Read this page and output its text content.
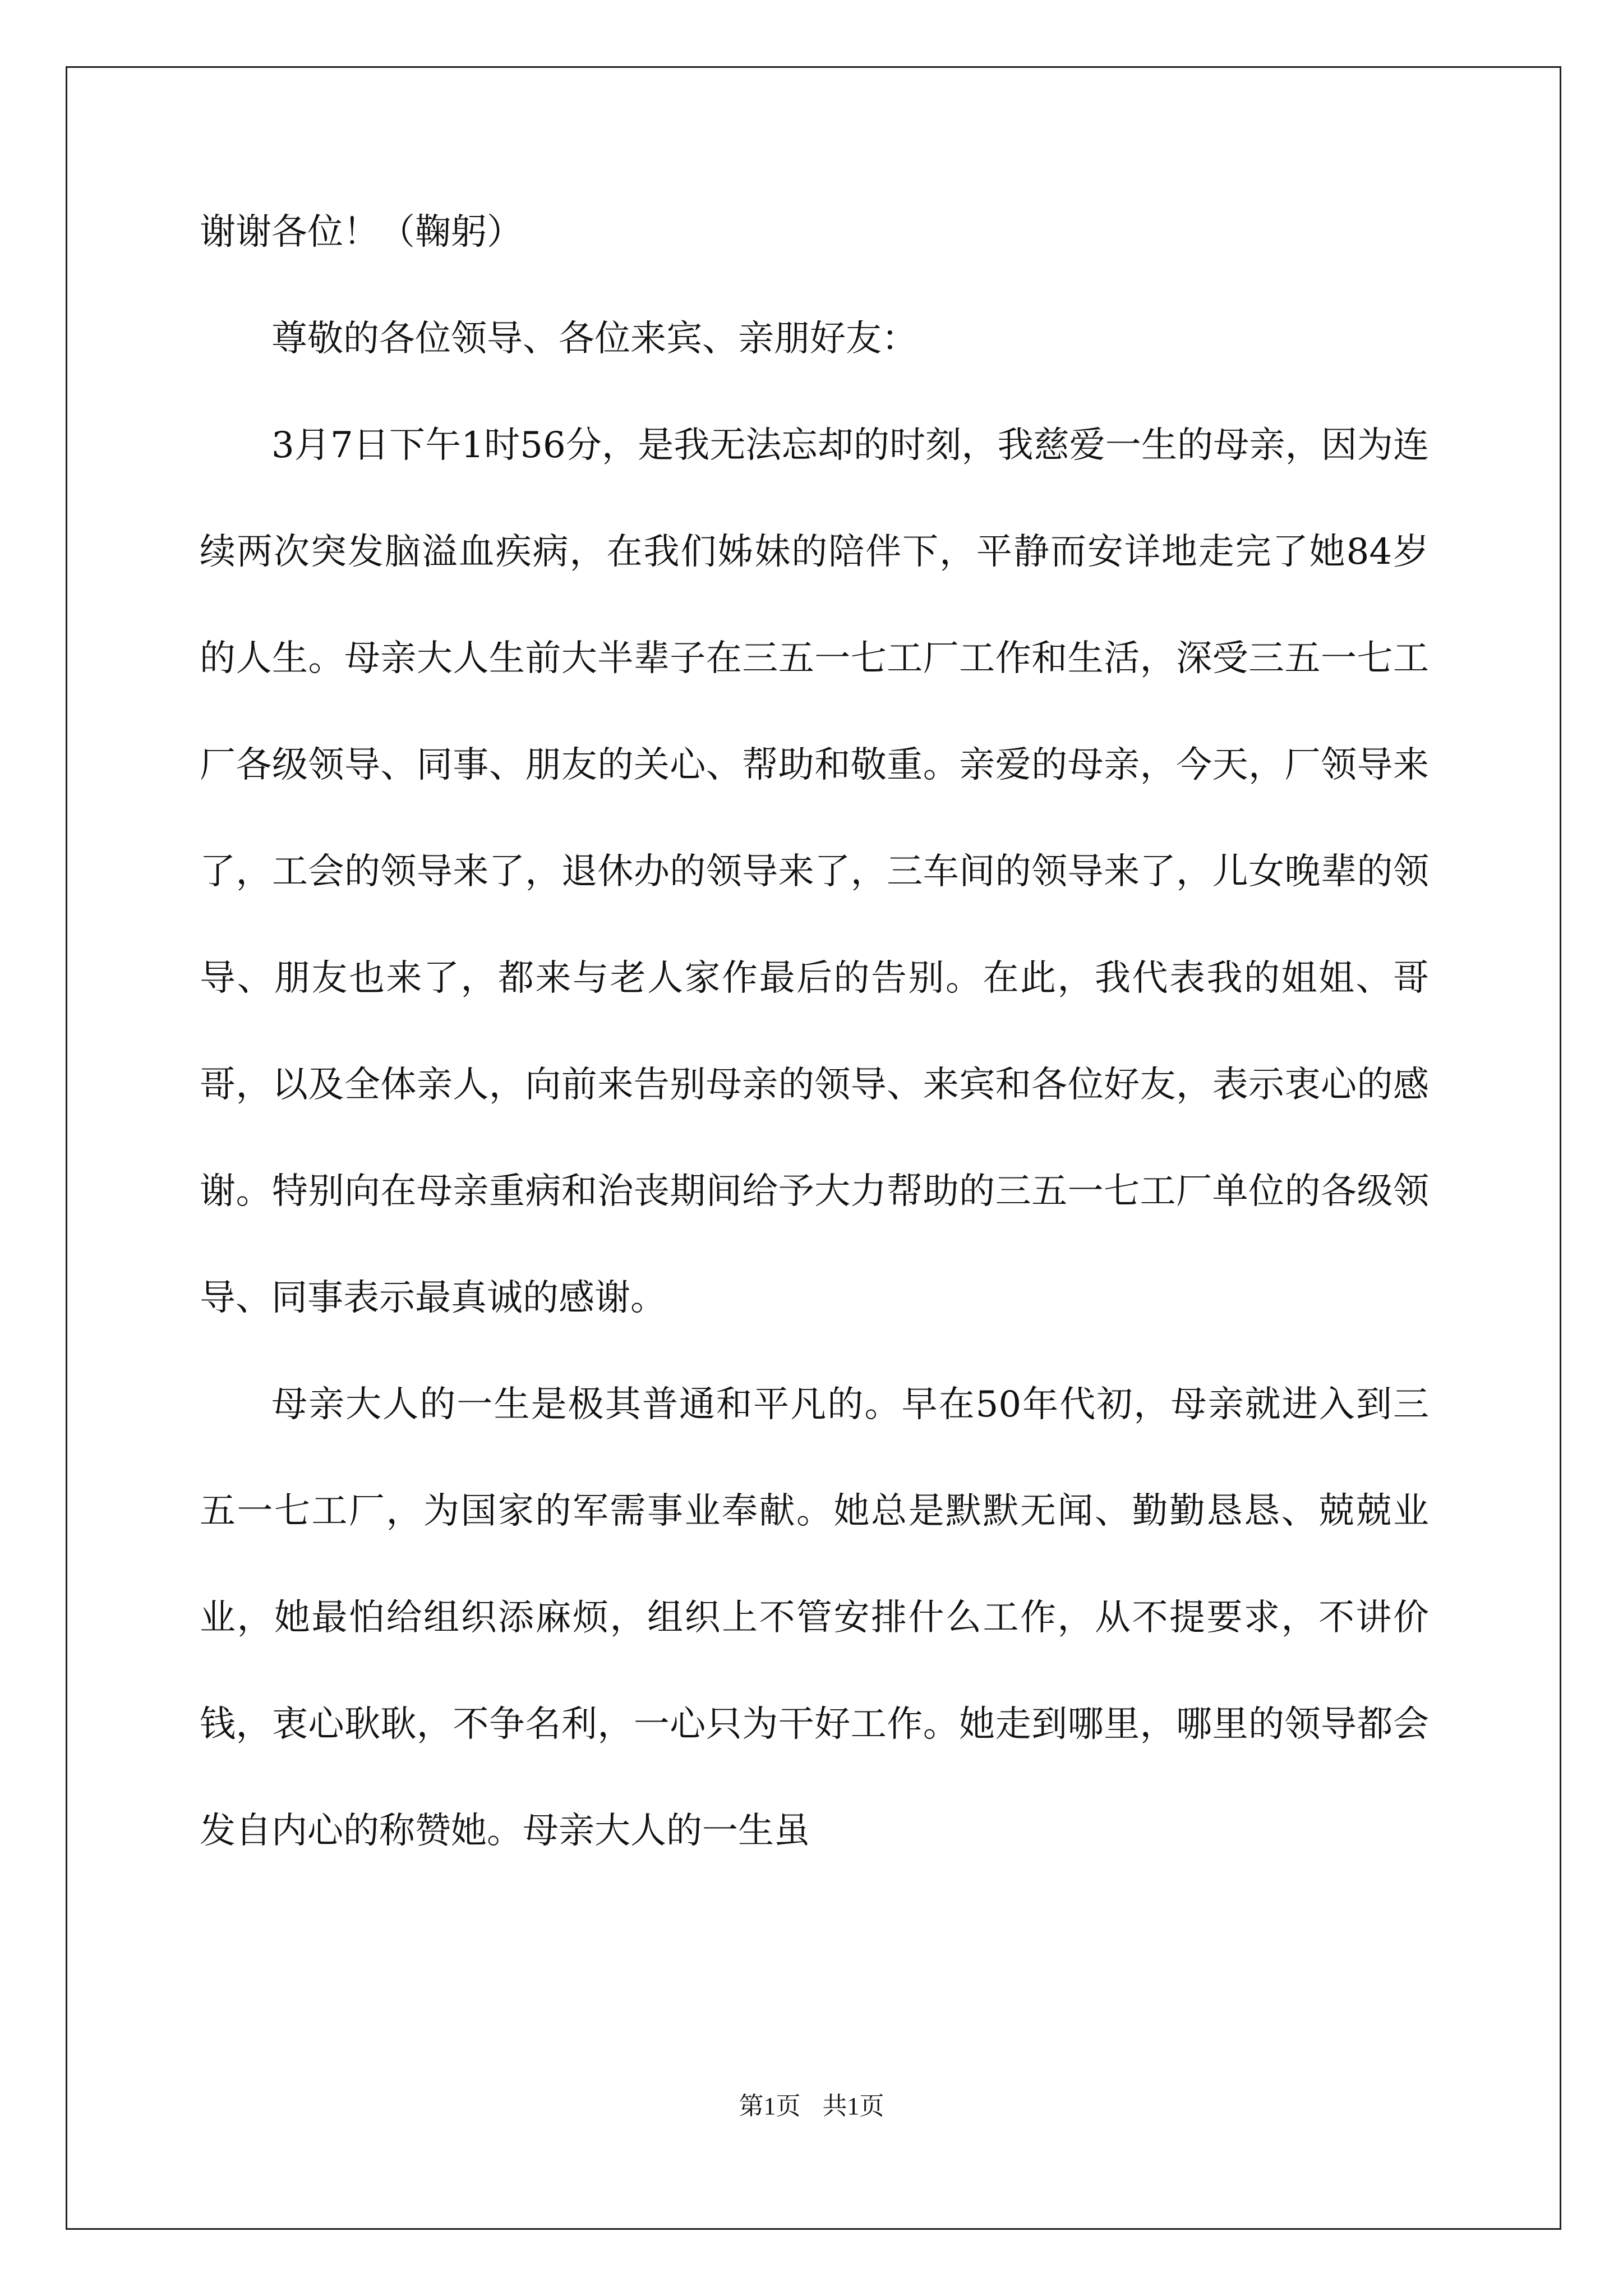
谢谢各位！（鞠躬）

尊敬的各位领导、各位来宾、亲朋好友：

3月7日下午1时56分，是我无法忘却的时刻，我慈爱一生的母亲，因为连续两次突发脑溢血疾病，在我们姊妹的陪伴下，平静而安详地走完了她84岁的人生。母亲大人生前大半辈子在三五一七工厂工作和生活，深受三五一七工厂各级领导、同事、朋友的关心、帮助和敬重。亲爱的母亲，今天，厂领导来了，工会的领导来了，退休办的领导来了，三车间的领导来了，儿女晚辈的领导、朋友也来了，都来与老人家作最后的告别。在此，我代表我的姐姐、哥哥，以及全体亲人，向前来告别母亲的领导、来宾和各位好友，表示衷心的感谢。特别向在母亲重病和治丧期间给予大力帮助的三五一七工厂单位的各级领导、同事表示最真诚的感谢。

母亲大人的一生是极其普通和平凡的。早在50年代初，母亲就进入到三五一七工厂，为国家的军需事业奉献。她总是默默无闻、勤勤恳恳、兢兢业业，她最怕给组织添麻烦，组织上不管安排什么工作，从不提要求，不讲价钱，衷心耿耿，不争名利，一心只为干好工作。她走到哪里，哪里的领导都会发自内心的称赞她。母亲大人的一生虽

第1页 共1页
